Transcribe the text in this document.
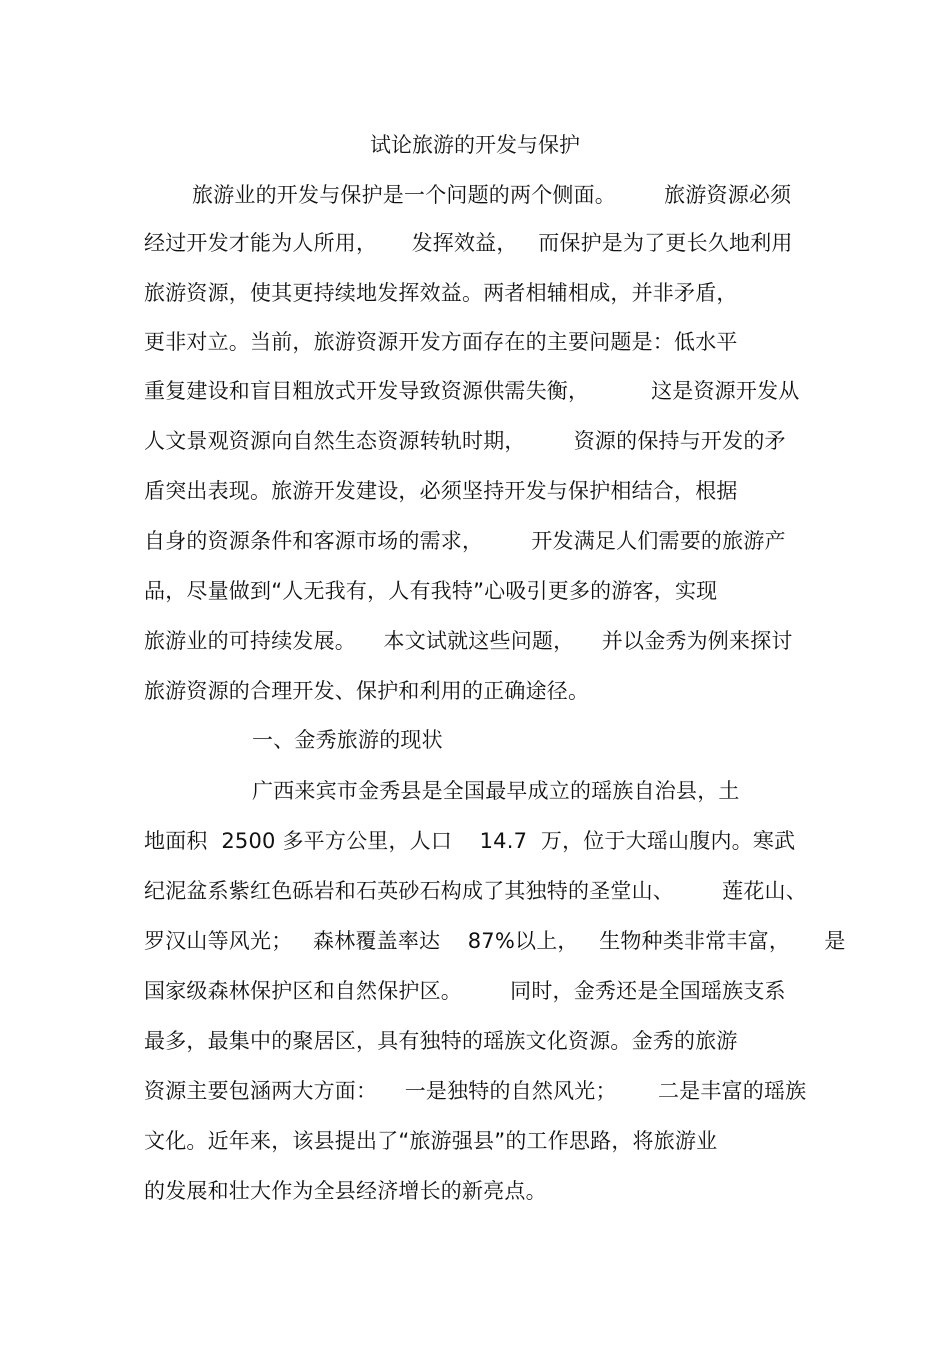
试论旅游的开发与保护
旅游业的开发与保护是一个问题的两个侧面。       旅游资源必须
经过开发才能为人所用，     发挥效益，   而保护是为了更长久地利用
旅游资源，使其更持续地发挥效益。两者相辅相成，并非矛盾，
更非对立。当前，旅游资源开发方面存在的主要问题是：低水平
重复建设和盲目粗放式开发导致资源供需失衡，         这是资源开发从
人文景观资源向自然生态资源转轨时期，       资源的保持与开发的矛
盾突出表现。旅游开发建设，必须坚持开发与保护相结合，根据
自身的资源条件和客源市场的需求，       开发满足人们需要的旅游产
品，尽量做到“人无我有，人有我特”心吸引更多的游客，实现
旅游业的可持续发展。    本文试就这些问题，    并以金秀为例来探讨
旅游资源的合理开发、保护和利用的正确途径。
一、金秀旅游的现状
广西来宾市金秀县是全国最早成立的瑶族自治县，土
地面积  2500 多平方公里，人口    14.7  万，位于大瑶山腹内。寒武
纪泥盆系紫红色砾岩和石英砂石构成了其独特的圣堂山、       莲花山、
罗汉山等风光；   森林覆盖率达    87%以上，   生物种类非常丰富，     是
国家级森林保护区和自然保护区。       同时，金秀还是全国瑶族支系
最多，最集中的聚居区，具有独特的瑶族文化资源。金秀的旅游
资源主要包涵两大方面：    一是独特的自然风光；      二是丰富的瑶族
文化。近年来，该县提出了“旅游强县”的工作思路，将旅游业
的发展和壮大作为全县经济增长的新亮点。
